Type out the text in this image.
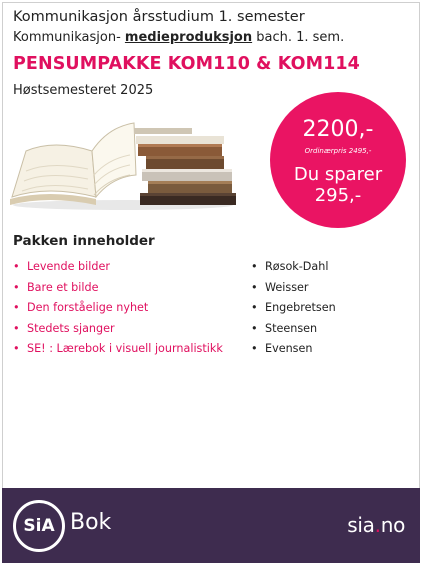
Kommunikasjon årsstudium 1. semester
Kommunikasjon- medieproduksjon bach. 1. sem.
PENSUMPAKKE KOM110 & KOM114
Høstsemesteret 2025
2200,-
Ordinærpris 2495,-
Du sparer
295,-
Pakken inneholder
• Levende bilder
• Bare et bilde
• Den forståelige nyhet
• Stedets sjanger
• SE! : Lærebok i visuell journalistikk
• Røsok-Dahl
• Weisser
• Engebretsen
• Steensen
• Evensen
SiA Bok	sia.no
